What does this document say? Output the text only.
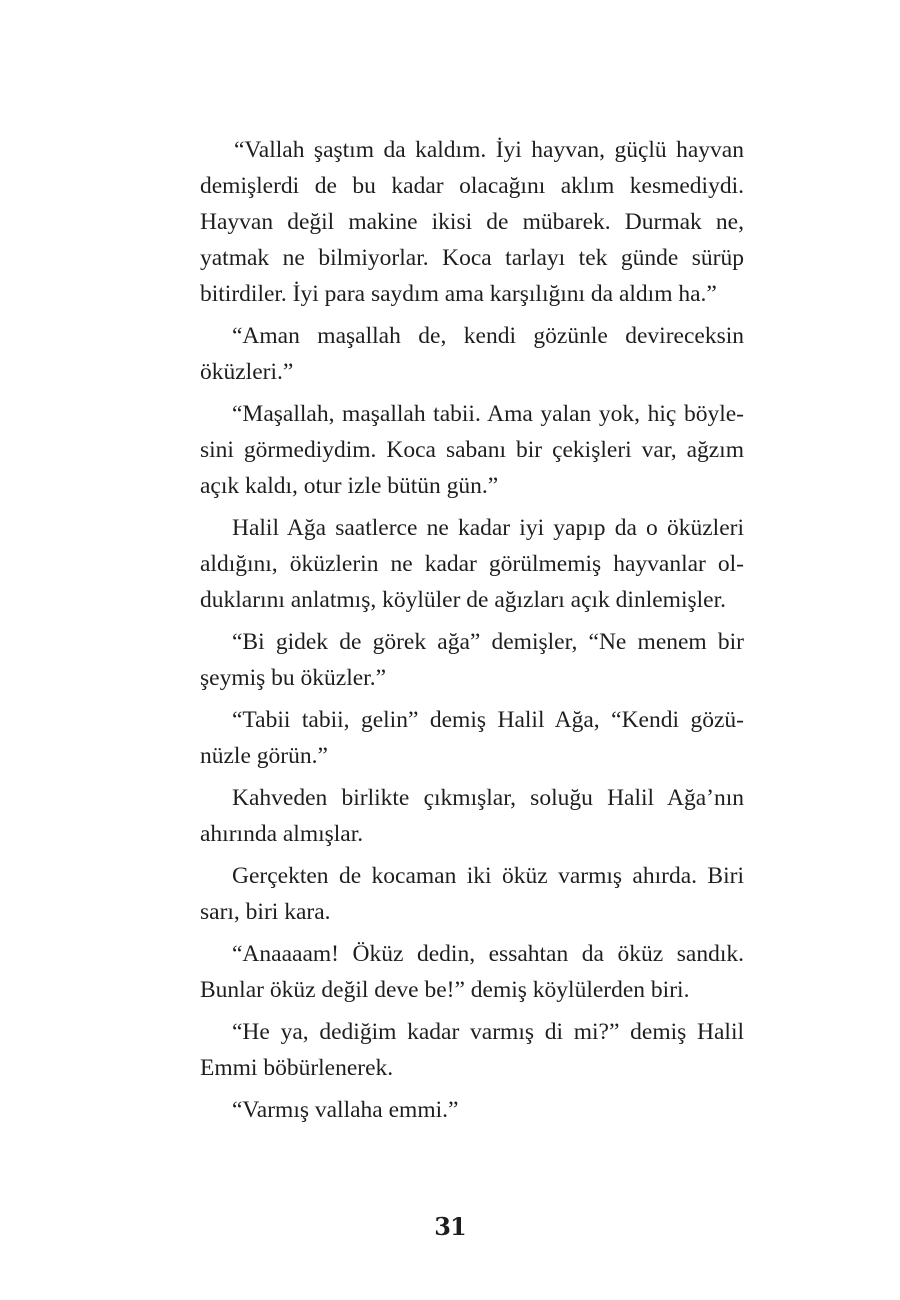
“Vallah şaştım da kaldım. İyi hayvan, güçlü hayvan demişlerdi de bu kadar olacağını aklım kesmediydi. Hayvan değil makine ikisi de mübarek. Durmak ne, yatmak ne bilmiyorlar. Koca tarlayı tek günde sürüp bitirdiler. İyi para saydım ama karşılığını da aldım ha.”

“Aman maşallah de, kendi gözünle devireceksin öküzleri.”

“Maşallah, maşallah tabii. Ama yalan yok, hiç böylesini görmediydim. Koca sabanı bir çekişleri var, ağzım açık kaldı, otur izle bütün gün.”

Halil Ağa saatlerce ne kadar iyi yapıp da o öküzleri aldığını, öküzlerin ne kadar görülmemiş hayvanlar olduklarını anlatmış, köylüler de ağızları açık dinlemişler.

“Bi gidek de görek ağa” demişler, “Ne menem bir şeymiş bu öküzler.”

“Tabii tabii, gelin” demiş Halil Ağa, “Kendi gözünüzle görün.”

Kahveden birlikte çıkmışlar, soluğu Halil Ağa’nın ahırında almışlar.

Gerçekten de kocaman iki öküz varmış ahırda. Biri sarı, biri kara.

“Anaaaam! Öküz dedin, essahtan da öküz sandık. Bunlar öküz değil deve be!” demiş köylülerden biri.

“He ya, dediğim kadar varmış di mi?” demiş Halil Emmi böbürlenerek.

“Varmış vallaha emmi.”

31
